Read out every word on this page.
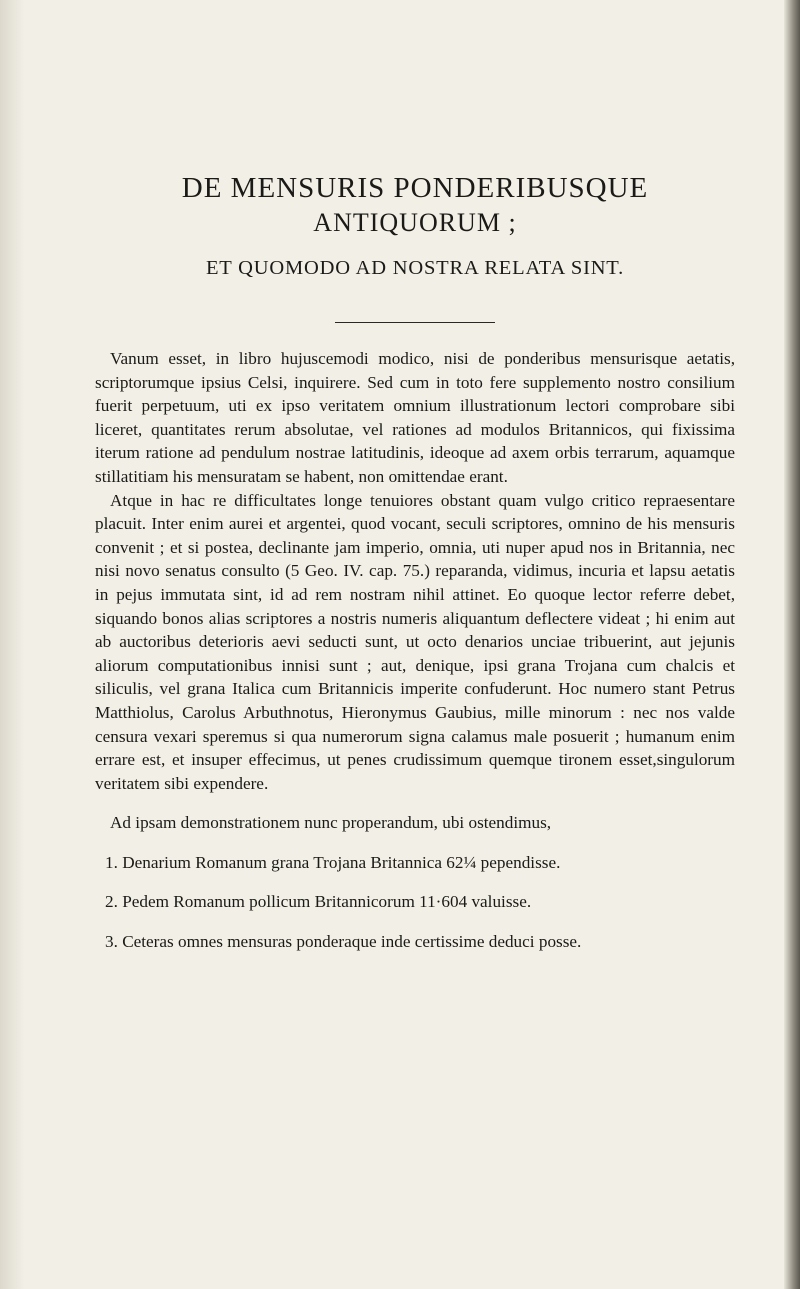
DE MENSURIS PONDERIBUSQUE

ANTIQUORUM ;

ET QUOMODO AD NOSTRA RELATA SINT.

Vanum esset, in libro hujuscemodi modico, nisi de ponderibus mensurisque aetatis, scriptorumque ipsius Celsi, inquirere. Sed cum in toto fere supplemento nostro consilium fuerit perpetuum, uti ex ipso veritatem omnium illustrationum lectori comprobare sibi liceret, quantitates rerum absolutae, vel rationes ad modulos Britannicos, qui fixissima iterum ratione ad pendulum nostrae latitudinis, ideoque ad axem orbis terrarum, aquamque stillatitiam his mensuratam se habent, non omittendae erant.

Atque in hac re difficultates longe tenuiores obstant quam vulgo critico repraesentare placuit. Inter enim aurei et argentei, quod vocant, seculi scriptores, omnino de his mensuris convenit ; et si postea, declinante jam imperio, omnia, uti nuper apud nos in Britannia, nec nisi novo senatus consulto (5 Geo. IV. cap. 75.) reparanda, vidimus, incuria et lapsu aetatis in pejus immutata sint, id ad rem nostram nihil attinet. Eo quoque lector referre debet, siquando bonos alias scriptores a nostris numeris aliquantum deflectere videat ; hi enim aut ab auctoribus deterioris aevi seducti sunt, ut octo denarios unciae tribuerint, aut jejunis aliorum computationibus innisi sunt ; aut, denique, ipsi grana Trojana cum chalcis et siliculis, vel grana Italica cum Britannicis imperite confuderunt. Hoc numero stant Petrus Matthiolus, Carolus Arbuthnotus, Hieronymus Gaubius, mille minorum : nec nos valde censura vexari speremus si qua numerorum signa calamus male posuerit ; humanum enim errare est, et insuper effecimus, ut penes crudissimum quemque tironem esset,singulorum veritatem sibi expendere.

Ad ipsam demonstrationem nunc properandum, ubi ostendimus,

1. Denarium Romanum grana Trojana Britannica 62¼ pependisse.

2. Pedem Romanum pollicum Britannicorum 11·604 valuisse.

3. Ceteras omnes mensuras ponderaque inde certissime deduci posse.
